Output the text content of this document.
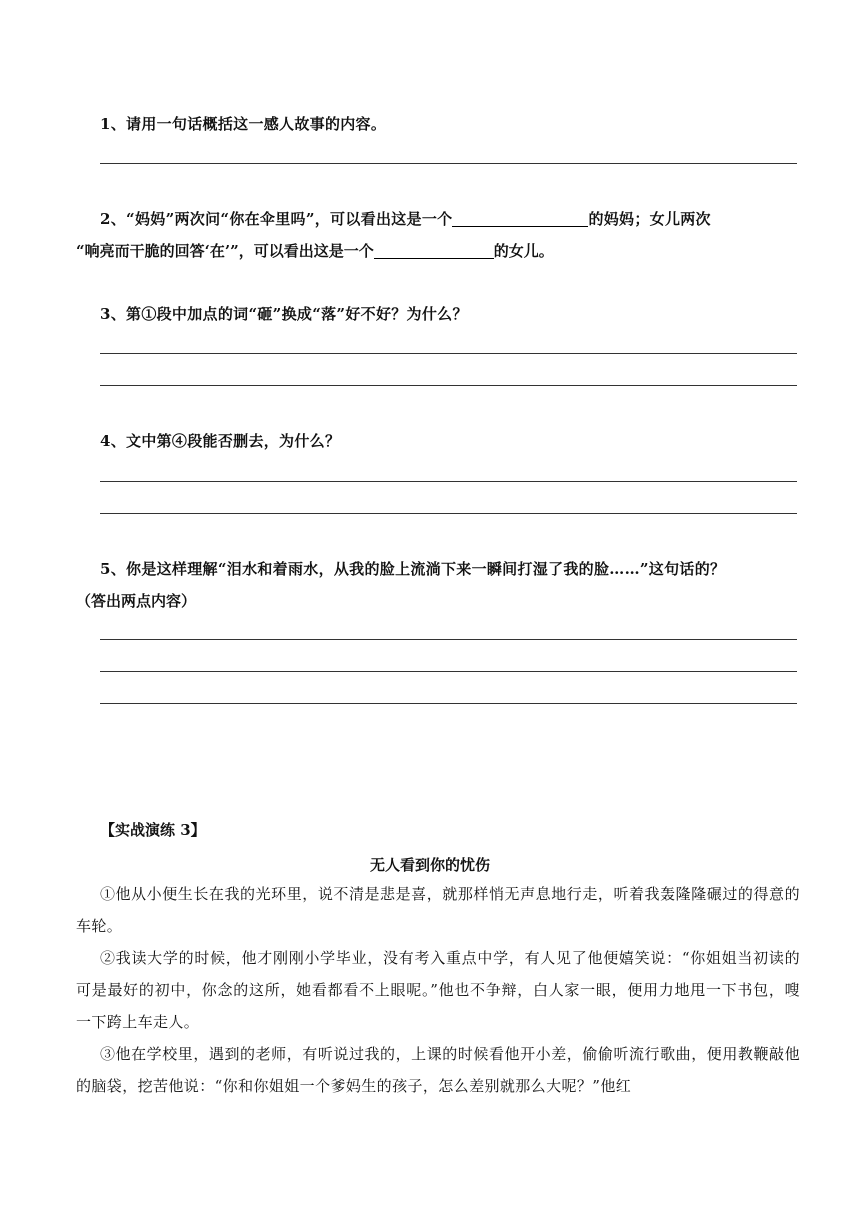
1、请用一句话概括这一感人故事的内容。
2、“妈妈”两次问“你在伞里吗”，可以看出这是一个	的妈妈；女儿两次
“响亮而干脆的回答‘在’”，可以看出这是一个	的女儿。
3、第①段中加点的词“砸”换成“落”好不好？为什么？
4、文中第④段能否删去，为什么？
5、你是这样理解“泪水和着雨水，从我的脸上流淌下来一瞬间打湿了我的脸……”这句话的？
（答出两点内容）
【实战演练 3】
无人看到你的忧伤
①他从小便生长在我的光环里，说不清是悲是喜，就那样悄无声息地行走，听着我轰隆隆碾过的得意的车轮。
②我读大学的时候，他才刚刚小学毕业，没有考入重点中学，有人见了他便嬉笑说：“你姐姐当初读的可是最好的初中，你念的这所，她看都看不上眼呢。”他也不争辩，白人家一眼，便用力地甩一下书包，嗖一下跨上车走人。
③他在学校里，遇到的老师，有听说过我的，上课的时候看他开小差，偷偷听流行歌曲，便用教鞭敲他的脑袋，挖苦他说：“你和你姐姐一个爹妈生的孩子，怎么差别就那么大呢？”他红
